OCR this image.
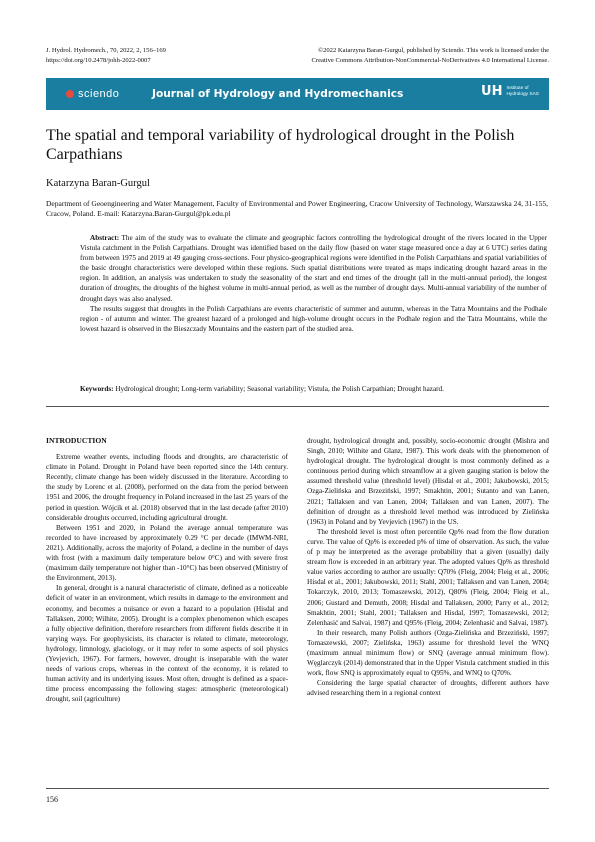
J. Hydrol. Hydromech., 70, 2022, 2, 156–169
https://doi.org/10.2478/johh-2022-0007
©2022 Katarzyna Baran-Gurgul, published by Sciendo. This work is licensed under the
Creative Commons Attribution-NonCommercial-NoDerivatives 4.0 International License.
sciendo	Journal of Hydrology and Hydromechanics	UH Institute of
Hydrology SAS
The spatial and temporal variability of hydrological drought in the Polish Carpathians
Katarzyna Baran-Gurgul
Department of Geoengineering and Water Management, Faculty of Environmental and Power Engineering, Cracow University of Technology, Warszawska 24, 31-155, Cracow, Poland. E-mail: Katarzyna.Baran-Gurgul@pk.edu.pl

Abstract: The aim of the study was to evaluate the climate and geographic factors controlling the hydrological drought of the rivers located in the Upper Vistula catchment in the Polish Carpathians. Drought was identified based on the daily flow (based on water stage measured once a day at 6 UTC) series dating from between 1975 and 2019 at 49 gauging cross-sections. Four physico-geographical regions were identified in the Polish Carpathians and spatial variabilities of the basic drought characteristics were developed within these regions. Such spatial distributions were treated as maps indicating drought hazard areas in the region. In addition, an analysis was undertaken to study the seasonality of the start and end times of the drought (all in the multi-annual period), the longest duration of droughts, the droughts of the highest volume in multi-annual period, as well as the number of drought days. Multi-annual variability of the number of drought days was also analysed.

The results suggest that droughts in the Polish Carpathians are events characteristic of summer and autumn, whereas in the Tatra Mountains and the Podhale region - of autumn and winter. The greatest hazard of a prolonged and high-volume drought occurs in the Podhale region and the Tatra Mountains, while the lowest hazard is observed in the Bieszczady Mountains and the eastern part of the studied area.

Keywords: Hydrological drought; Long-term variability; Seasonal variability; Vistula, the Polish Carpathian; Drought hazard.
INTRODUCTION

Extreme weather events, including floods and droughts, are characteristic of climate in Poland. Drought in Poland have been reported since the 14th century. Recently, climate change has been widely discussed in the literature. According to the study by Lorenc et al. (2008), performed on the data from the period between 1951 and 2006, the drought frequency in Poland increased in the last 25 years of the period in question. Wójcik et al. (2018) observed that in the last decade (after 2010) considerable droughts occurred, including agricultural drought.

Between 1951 and 2020, in Poland the average annual temperature was recorded to have increased by approximately 0.29 °C per decade (IMWM-NRI, 2021). Additionally, across the majority of Poland, a decline in the number of days with frost (with a maximum daily temperature below 0°C) and with severe frost (maximum daily temperature not higher than -10°C) has been observed (Ministry of the Environment, 2013).

In general, drought is a natural characteristic of climate, defined as a noticeable deficit of water in an environment, which results in damage to the environment and economy, and becomes a nuisance or even a hazard to a population (Hisdal and Tallaksen, 2000; Wilhite, 2005). Drought is a complex phenomenon which escapes a fully objective definition, therefore researchers from different fields describe it in varying ways. For geophysicists, its character is related to climate, meteorology, hydrology, limnology, glaciology, or it may refer to some aspects of soil physics (Yevjevich, 1967). For farmers, however, drought is inseparable with the water needs of various crops, whereas in the context of the economy, it is related to human activity and its underlying issues. Most often, drought is defined as a space-time process encompassing the following stages: atmospheric (meteorological) drought, soil (agriculture)

drought, hydrological drought and, possibly, socio-economic drought (Mishra and Singh, 2010; Wilhite and Glanz, 1987). This work deals with the phenomenon of hydrological drought. The hydrological drought is most commonly defined as a continuous period during which streamflow at a given gauging station is below the assumed threshold value (threshold level) (Hisdal et al., 2001; Jakubowski, 2015; Ozga-Zielińska and Brzeziński, 1997; Smakhtin, 2001; Sutanto and van Lanen, 2021; Tallaksen and van Lanen, 2004; Tallaksen and van Lanen, 2007). The definition of drought as a threshold level method was introduced by Zielińska (1963) in Poland and by Yevjevich (1967) in the US.

The threshold level is most often percentile Qp% read from the flow duration curve. The value of Qp% is exceeded p% of time of observation. As such, the value of p may be interpreted as the average probability that a given (usually) daily stream flow is exceeded in an arbitrary year. The adopted values Qp% as threshold value varies according to author are usually: Q70% (Fleig, 2004; Fleig et al., 2006; Hisdal et al., 2001; Jakubowski, 2011; Stahl, 2001; Tallaksen and van Lanen, 2004; Tokarczyk, 2010, 2013; Tomaszewski, 2012), Q80% (Fleig, 2004; Fleig et al., 2006; Gustard and Demuth, 2008; Hisdal and Tallaksen, 2000; Parry et al., 2012; Smakhtin, 2001; Stahl, 2001; Tallaksen and Hisdal, 1997; Tomaszewski, 2012; Zelenhasić and Salvai, 1987) and Q95% (Fleig, 2004; Zelenhasić and Salvai, 1987).

In their research, many Polish authors (Ozga-Zielińska and Brzeziński, 1997; Tomaszewski, 2007; Zielińska, 1963) assume for threshold level the WNQ (maximum annual minimum flow) or SNQ (average annual minimum flow). Węglarczyk (2014) demonstrated that in the Upper Vistula catchment studied in this work, flow SNQ is approximately equal to Q95%, and WNQ to Q70%.

Considering the large spatial character of droughts, different authors have advised researching them in a regional context

156
